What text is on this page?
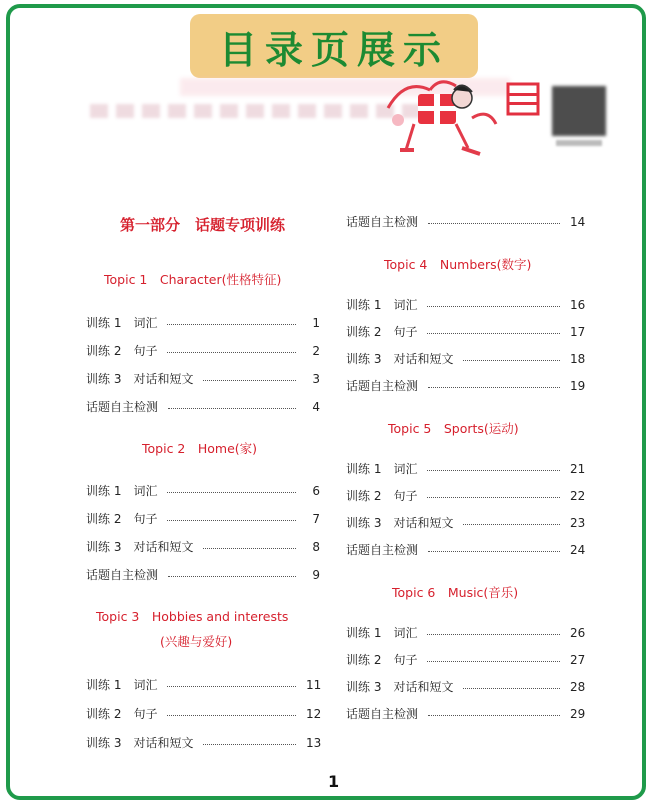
目录页展示
第一部分　话题专项训练
Topic 1　Character(性格特征)
训练 1　词汇	1
训练 2　句子	2
训练 3　对话和短文	3
话题自主检测	4
Topic 2　Home(家)
训练 1　词汇	6
训练 2　句子	7
训练 3　对话和短文	8
话题自主检测	9
Topic 3　Hobbies and interests
(兴趣与爱好)
训练 1　词汇	11
训练 2　句子	12
训练 3　对话和短文	13
话题自主检测	14
Topic 4　Numbers(数字)
训练 1　词汇	16
训练 2　句子	17
训练 3　对话和短文	18
话题自主检测	19
Topic 5　Sports(运动)
训练 1　词汇	21
训练 2　句子	22
训练 3　对话和短文	23
话题自主检测	24
Topic 6　Music(音乐)
训练 1　词汇	26
训练 2　句子	27
训练 3　对话和短文	28
话题自主检测	29
1
